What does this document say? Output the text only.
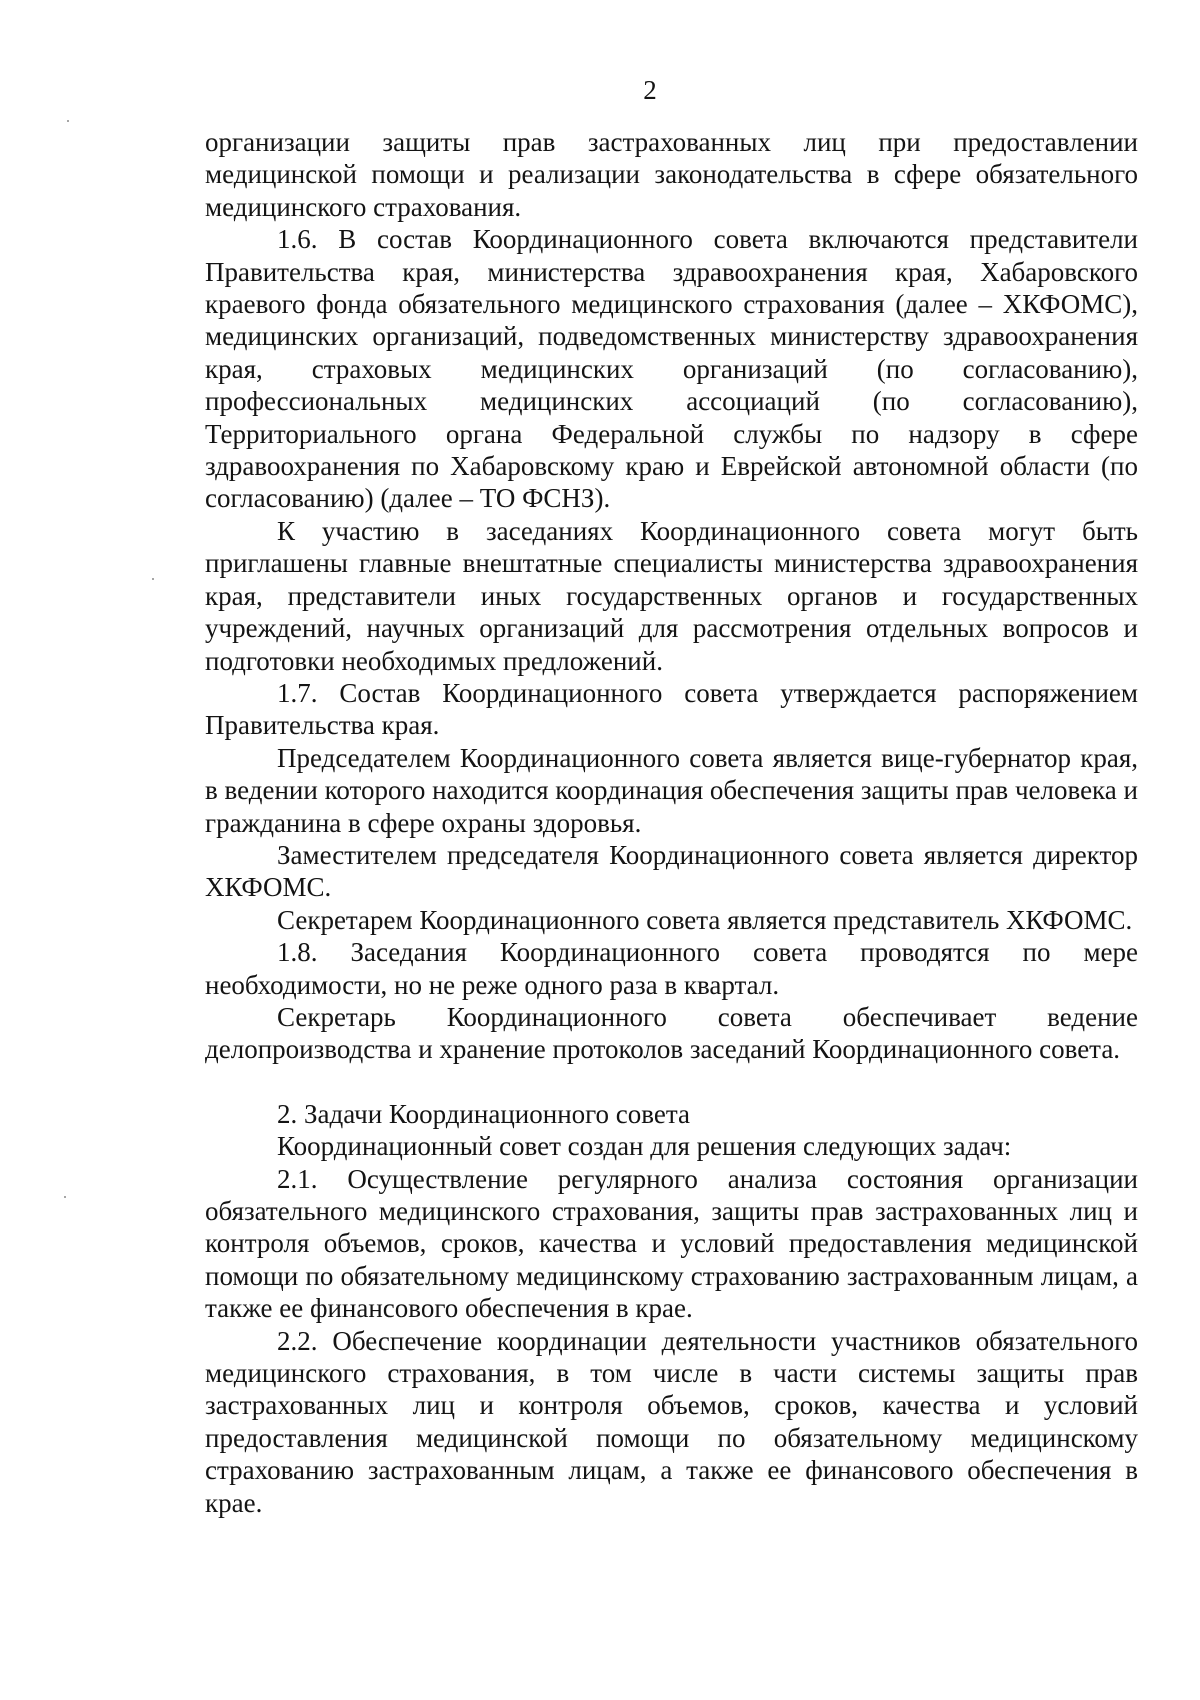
2

организации защиты прав застрахованных лиц при предоставлении медицинской помощи и реализации законодательства в сфере обязательного медицинского страхования.

1.6. В состав Координационного совета включаются представители Правительства края, министерства здравоохранения края, Хабаровского краевого фонда обязательного медицинского страхования (далее – ХКФОМС), медицинских организаций, подведомственных министерству здравоохранения края, страховых медицинских организаций (по согласованию), профессиональных медицинских ассоциаций (по согласованию), Территориального органа Федеральной службы по надзору в сфере здравоохранения по Хабаровскому краю и Еврейской автономной области (по согласованию) (далее – ТО ФСНЗ).

К участию в заседаниях Координационного совета могут быть приглашены главные внештатные специалисты министерства здравоохранения края, представители иных государственных органов и государственных учреждений, научных организаций для рассмотрения отдельных вопросов и подготовки необходимых предложений.

1.7. Состав Координационного совета утверждается распоряжением Правительства края.

Председателем Координационного совета является вице-губернатор края, в ведении которого находится координация обеспечения защиты прав человека и гражданина в сфере охраны здоровья.

Заместителем председателя Координационного совета является директор ХКФОМС.

Секретарем Координационного совета является представитель ХКФОМС.

1.8. Заседания Координационного совета проводятся по мере необходимости, но не реже одного раза в квартал.

Секретарь Координационного совета обеспечивает ведение делопроизводства и хранение протоколов заседаний Координационного совета.

2. Задачи Координационного совета

Координационный совет создан для решения следующих задач:

2.1. Осуществление регулярного анализа состояния организации обязательного медицинского страхования, защиты прав застрахованных лиц и контроля объемов, сроков, качества и условий предоставления медицинской помощи по обязательному медицинскому страхованию застрахованным лицам, а также ее финансового обеспечения в крае.

2.2. Обеспечение координации деятельности участников обязательного медицинского страхования, в том числе в части системы защиты прав застрахованных лиц и контроля объемов, сроков, качества и условий предоставления медицинской помощи по обязательному медицинскому страхованию застрахованным лицам, а также ее финансового обеспечения в крае.
